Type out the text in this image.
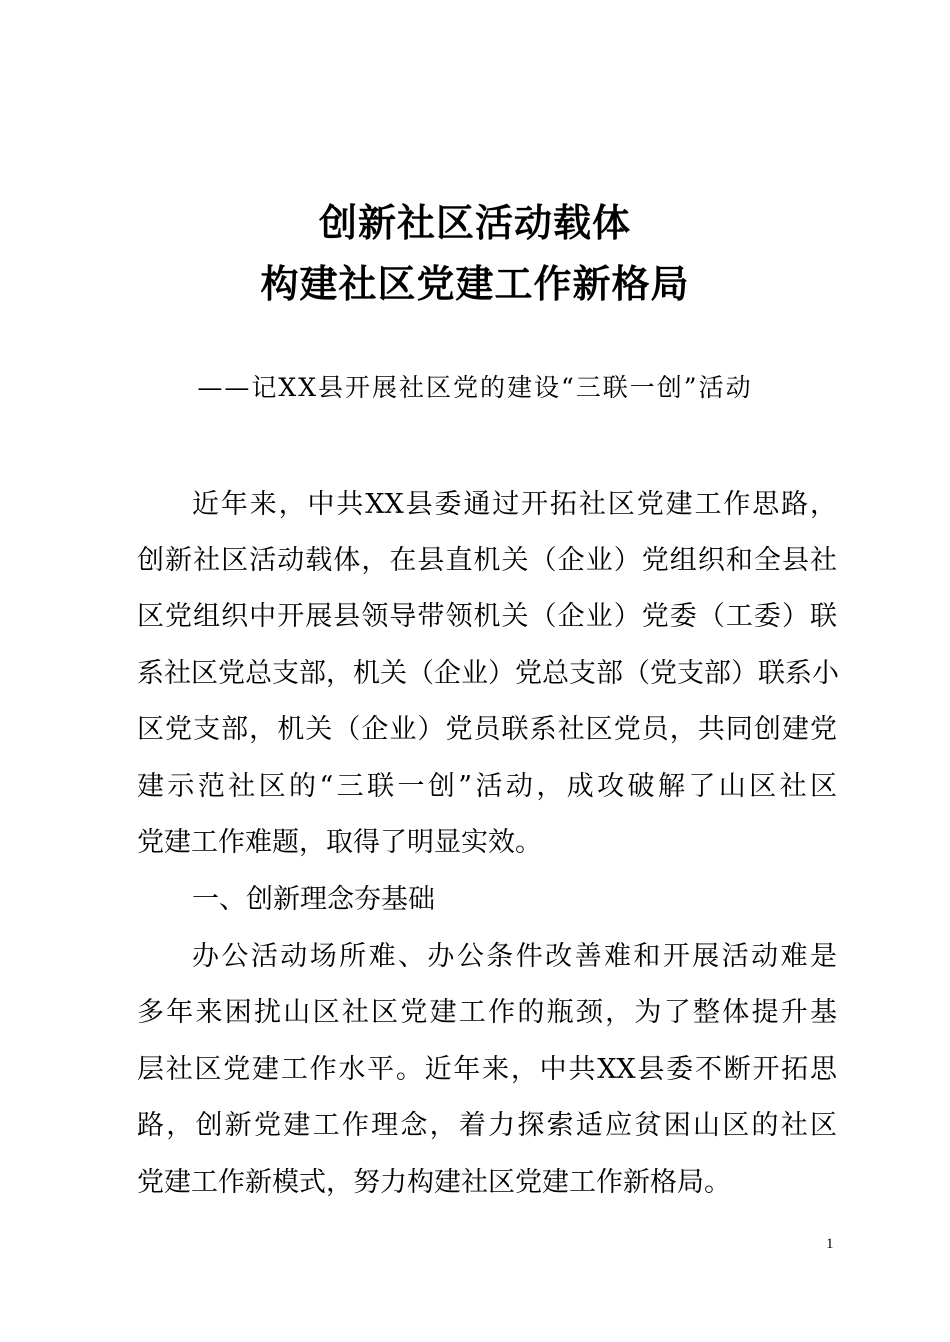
创新社区活动载体
构建社区党建工作新格局
——记XX县开展社区党的建设“三联一创”活动
近年来，中共XX县委通过开拓社区党建工作思路，
创新社区活动载体，在县直机关（企业）党组织和全县社
区党组织中开展县领导带领机关（企业）党委（工委）联
系社区党总支部，机关（企业）党总支部（党支部）联系小
区党支部，机关（企业）党员联系社区党员，共同创建党
建示范社区的“三联一创”活动，成攻破解了山区社区
党建工作难题，取得了明显实效。
一、创新理念夯基础
办公活动场所难、办公条件改善难和开展活动难是
多年来困扰山区社区党建工作的瓶颈，为了整体提升基
层社区党建工作水平。近年来，中共XX县委不断开拓思
路，创新党建工作理念，着力探索适应贫困山区的社区
党建工作新模式，努力构建社区党建工作新格局。
1
